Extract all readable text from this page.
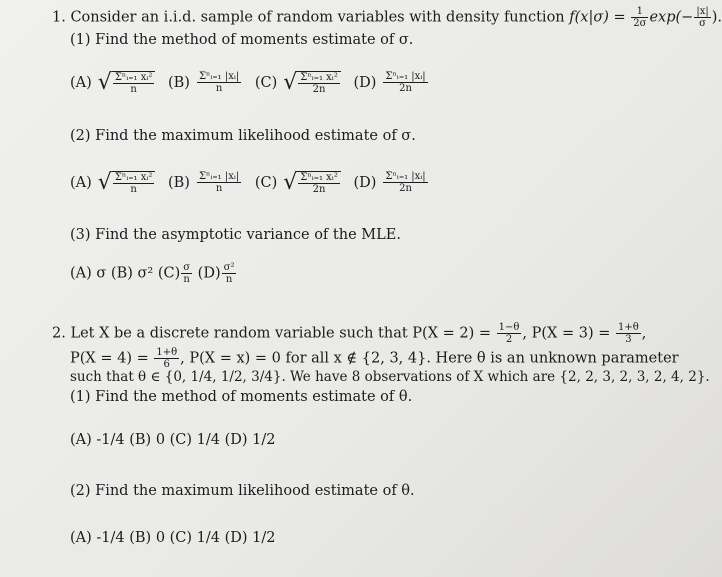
1. Consider an i.i.d. sample of random variables with density function $f(x|\sigma) = \frac{1}{2\sigma} \exp(- \frac{|x|}{\sigma}$ ).
(1) Find the method of moments estimate of σ.
(A) √ $\frac{\text{Σⁿᵢ₌₁ xᵢ²}}{n} (B) \frac{\text{Σⁿᵢ₌₁ |xᵢ|}}{n} (C)$ √ $\frac{\text{Σⁿᵢ₌₁ xᵢ²}}{2n} (D) \frac{\text{Σⁿᵢ₌₁ |xᵢ|}}{2n}$
(2) Find the maximum likelihood estimate of σ.
(A) √ $\frac{\text{Σⁿᵢ₌₁ xᵢ²}}{n} (B) \frac{\text{Σⁿᵢ₌₁ |xᵢ|}}{n} (C)$ √ $\frac{\text{Σⁿᵢ₌₁ xᵢ²}}{2n} (D) \frac{\text{Σⁿᵢ₌₁ |xᵢ|}}{2n}$
(3) Find the asymptotic variance of the MLE.
(A) σ (B) σ² $(C) \frac{\sigma}{n} (D) \frac{\text{σ²}}{n}$
2. Let X be a discrete random variable such that $P(X = 2) = \frac{1-\theta}{2}$ , $P(X = 3) = \frac{1+\theta}{3}$ ,
$P(X = 4) = \frac{1+\theta}{6}$ , P(X = x) = 0 for all x ∉ {2, 3, 4}. Here θ is an unknown parameter
such that θ ∈ {0, 1/4, 1/2, 3/4}. We have 8 observations of X which are {2, 2, 3, 2, 3, 2, 4, 2}.
(1) Find the method of moments estimate of θ.
(A) -1/4 (B) 0 (C) 1/4 (D) 1/2
(2) Find the maximum likelihood estimate of θ.
(A) -1/4 (B) 0 (C) 1/4 (D) 1/2
